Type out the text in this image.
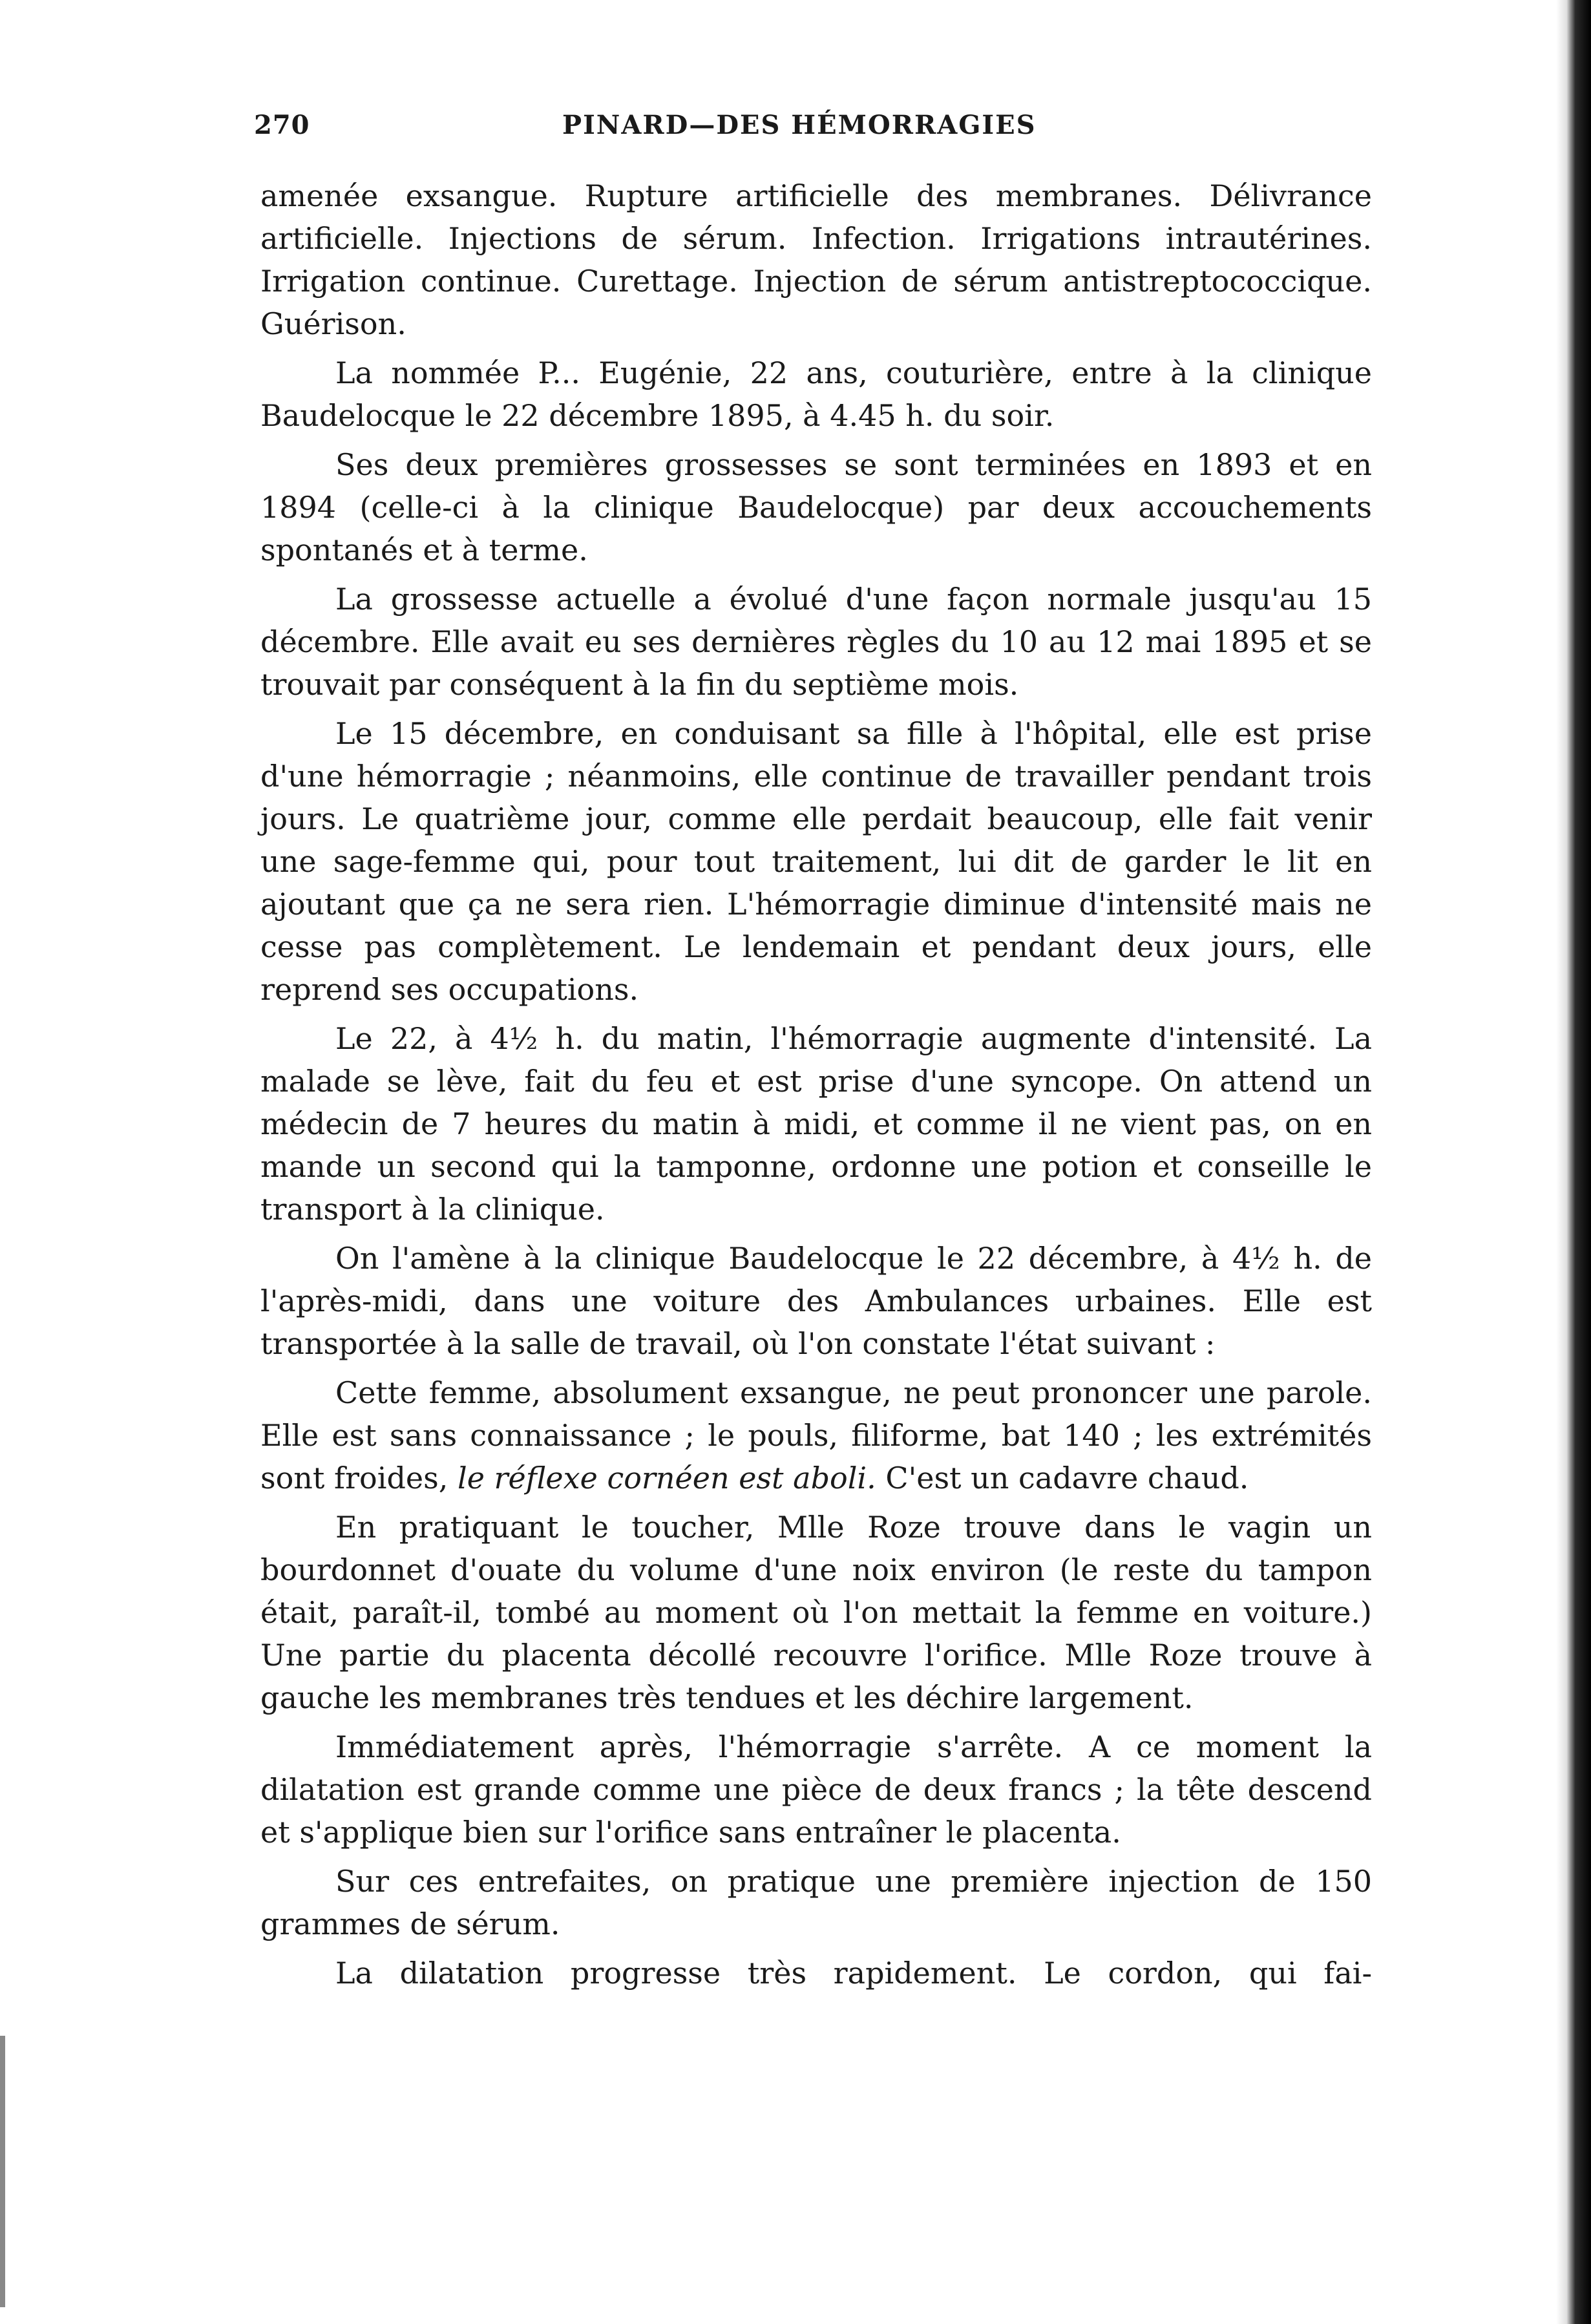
270	PINARD—DES HÉMORRAGIES

amenée exsangue. Rupture artificielle des membranes. Délivrance artificielle. Injections de sérum. Infection. Irrigations intrautérines. Irrigation continue. Curettage. Injection de sérum antistreptococcique. Guérison.

La nommée P... Eugénie, 22 ans, couturière, entre à la clinique Baudelocque le 22 décembre 1895, à 4.45 h. du soir.

Ses deux premières grossesses se sont terminées en 1893 et en 1894 (celle-ci à la clinique Baudelocque) par deux accouchements spontanés et à terme.

La grossesse actuelle a évolué d'une façon normale jusqu'au 15 décembre. Elle avait eu ses dernières règles du 10 au 12 mai 1895 et se trouvait par conséquent à la fin du septième mois.

Le 15 décembre, en conduisant sa fille à l'hôpital, elle est prise d'une hémorragie ; néanmoins, elle continue de travailler pendant trois jours. Le quatrième jour, comme elle perdait beaucoup, elle fait venir une sage-femme qui, pour tout traitement, lui dit de garder le lit en ajoutant que ça ne sera rien. L'hémorragie diminue d'intensité mais ne cesse pas complètement. Le lendemain et pendant deux jours, elle reprend ses occupations.

Le 22, à 4½ h. du matin, l'hémorragie augmente d'intensité. La malade se lève, fait du feu et est prise d'une syncope. On attend un médecin de 7 heures du matin à midi, et comme il ne vient pas, on en mande un second qui la tamponne, ordonne une potion et conseille le transport à la clinique.

On l'amène à la clinique Baudelocque le 22 décembre, à 4½ h. de l'après-midi, dans une voiture des Ambulances urbaines. Elle est transportée à la salle de travail, où l'on constate l'état suivant :

Cette femme, absolument exsangue, ne peut prononcer une parole. Elle est sans connaissance ; le pouls, filiforme, bat 140 ; les extrémités sont froides, le réflexe cornéen est aboli. C'est un cadavre chaud.

En pratiquant le toucher, Mlle Roze trouve dans le vagin un bourdonnet d'ouate du volume d'une noix environ (le reste du tampon était, paraît-il, tombé au moment où l'on mettait la femme en voiture.) Une partie du placenta décollé recouvre l'orifice. Mlle Roze trouve à gauche les membranes très tendues et les déchire largement.

Immédiatement après, l'hémorragie s'arrête. A ce moment la dilatation est grande comme une pièce de deux francs ; la tête descend et s'applique bien sur l'orifice sans entraîner le placenta.

Sur ces entrefaites, on pratique une première injection de 150 grammes de sérum.

La dilatation progresse très rapidement. Le cordon, qui fai-
